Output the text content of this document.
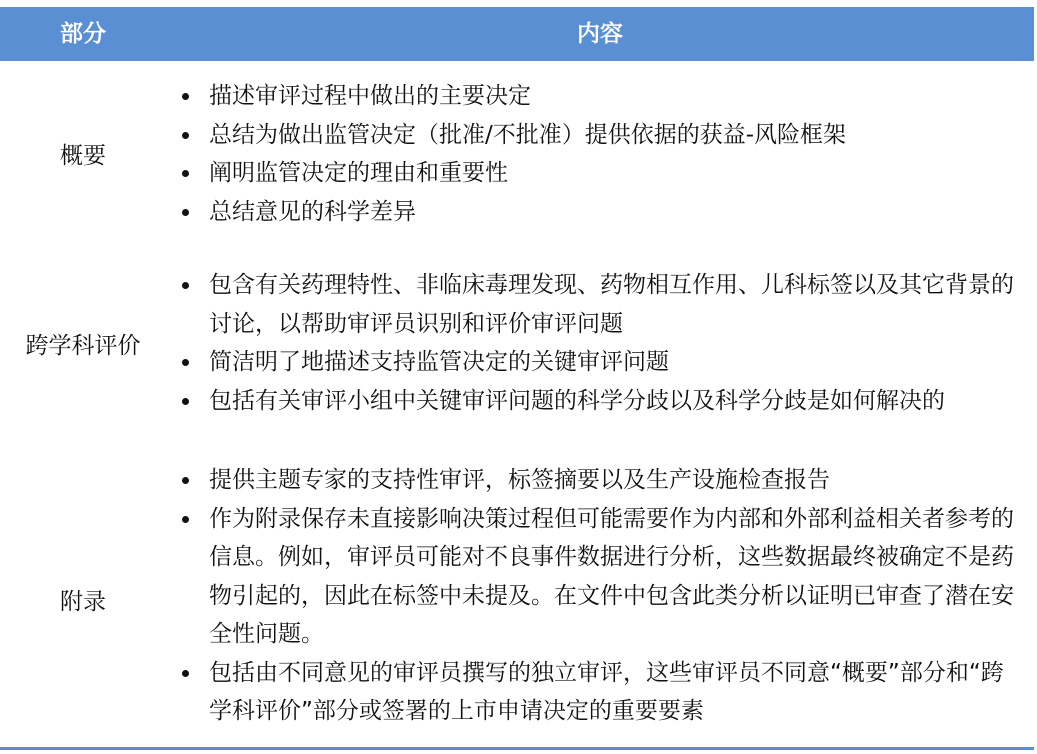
部分	内容
概要
描述审评过程中做出的主要决定
总结为做出监管决定（批准/不批准）提供依据的获益-风险框架
阐明监管决定的理由和重要性
总结意见的科学差异
跨学科评价
包含有关药理特性、非临床毒理发现、药物相互作用、儿科标签以及其它背景的讨论，以帮助审评员识别和评价审评问题
简洁明了地描述支持监管决定的关键审评问题
包括有关审评小组中关键审评问题的科学分歧以及科学分歧是如何解决的
附录
提供主题专家的支持性审评，标签摘要以及生产设施检查报告
作为附录保存未直接影响决策过程但可能需要作为内部和外部利益相关者参考的信息。例如，审评员可能对不良事件数据进行分析，这些数据最终被确定不是药物引起的，因此在标签中未提及。在文件中包含此类分析以证明已审查了潜在安全性问题。
包括由不同意见的审评员撰写的独立审评，这些审评员不同意“概要”部分和“跨学科评价”部分或签署的上市申请决定的重要要素
